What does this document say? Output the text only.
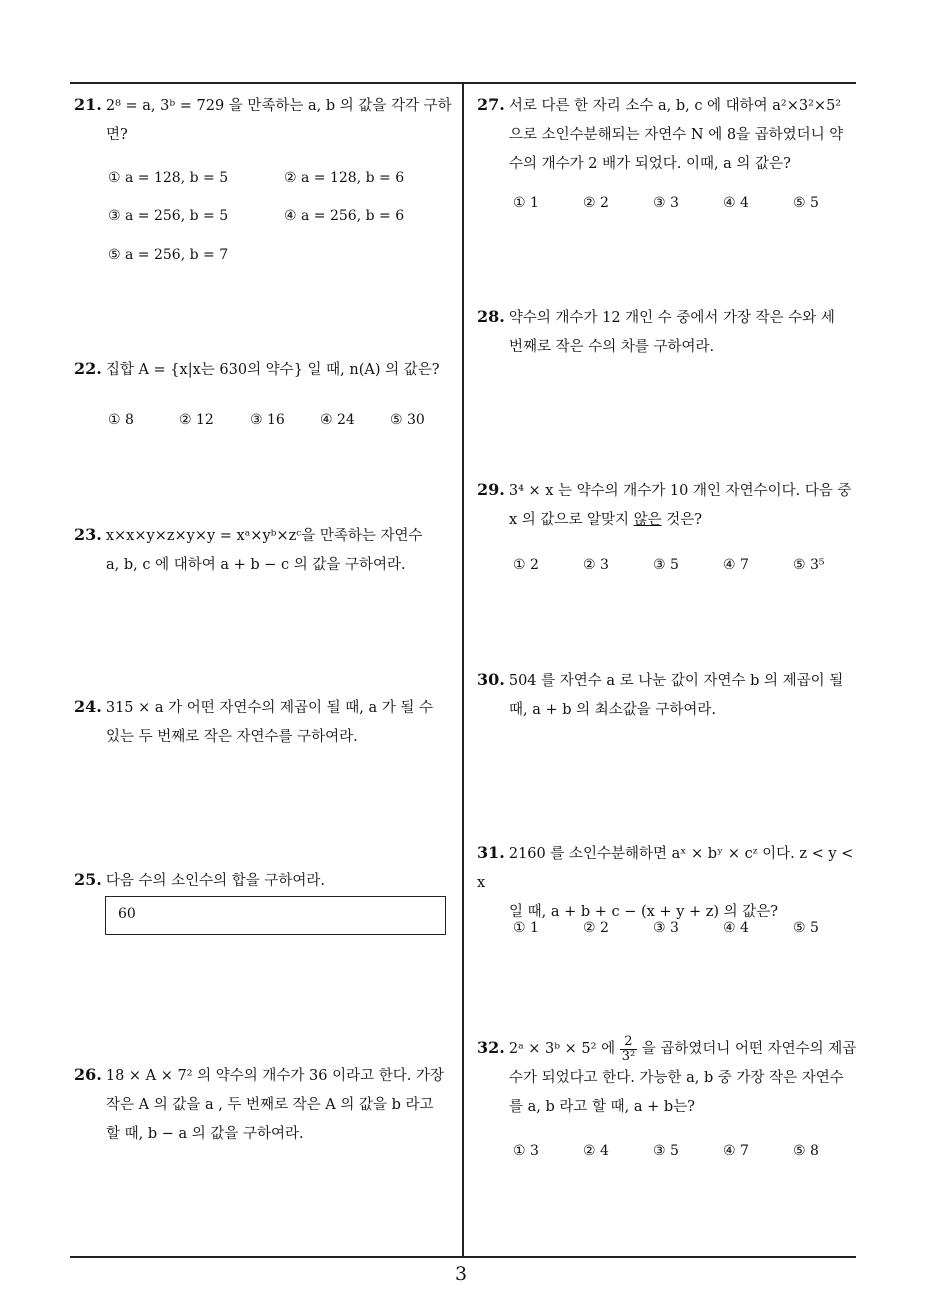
21. 2⁸ = a, 3ᵇ = 729 을 만족하는 a, b 의 값을 각각 구하
면?
① a = 128, b = 5	② a = 128, b = 6
③ a = 256, b = 5	④ a = 256, b = 6
⑤ a = 256, b = 7
22. 집합 A = {x|x는 630의 약수} 일 때, n(A) 의 값은?
① 8	② 12	③ 16	④ 24	⑤ 30
23. x×x×y×z×y×y = xᵃ×yᵇ×zᶜ을 만족하는 자연수
a, b, c 에 대하여 a + b − c 의 값을 구하여라.
24. 315 × a 가 어떤 자연수의 제곱이 될 때, a 가 될 수
있는 두 번째로 작은 자연수를 구하여라.
25. 다음 수의 소인수의 합을 구하여라.
60
26. 18 × A × 7² 의 약수의 개수가 36 이라고 한다. 가장
작은 A 의 값을 a , 두 번째로 작은 A 의 값을 b 라고
할 때, b − a 의 값을 구하여라.
27. 서로 다른 한 자리 소수 a, b, c 에 대하여 a²×3²×5²
으로 소인수분해되는 자연수 N 에 8을 곱하였더니 약
수의 개수가 2 배가 되었다. 이때, a 의 값은?
① 1	② 2	③ 3	④ 4	⑤ 5
28. 약수의 개수가 12 개인 수 중에서 가장 작은 수와 세
번째로 작은 수의 차를 구하여라.
29. 3⁴ × x 는 약수의 개수가 10 개인 자연수이다. 다음 중
x 의 값으로 알맞지 않은 것은?
① 2	② 3	③ 5	④ 7	⑤ 3⁵
30. 504 를 자연수 a 로 나눈 값이 자연수 b 의 제곱이 될
때, a + b 의 최소값을 구하여라.
31. 2160 를 소인수분해하면 aˣ × bʸ × cᶻ 이다. z < y < x
일 때, a + b + c − (x + y + z) 의 값은?
① 1	② 2	③ 3	④ 4	⑤ 5
32. 2ᵃ × 3ᵇ × 5² 에 $\frac{2}{\text{3²}}$ 을 곱하였더니 어떤 자연수의 제곱
수가 되었다고 한다. 가능한 a, b 중 가장 작은 자연수
를 a, b 라고 할 때, a + b는?
① 3	② 4	③ 5	④ 7	⑤ 8
3
